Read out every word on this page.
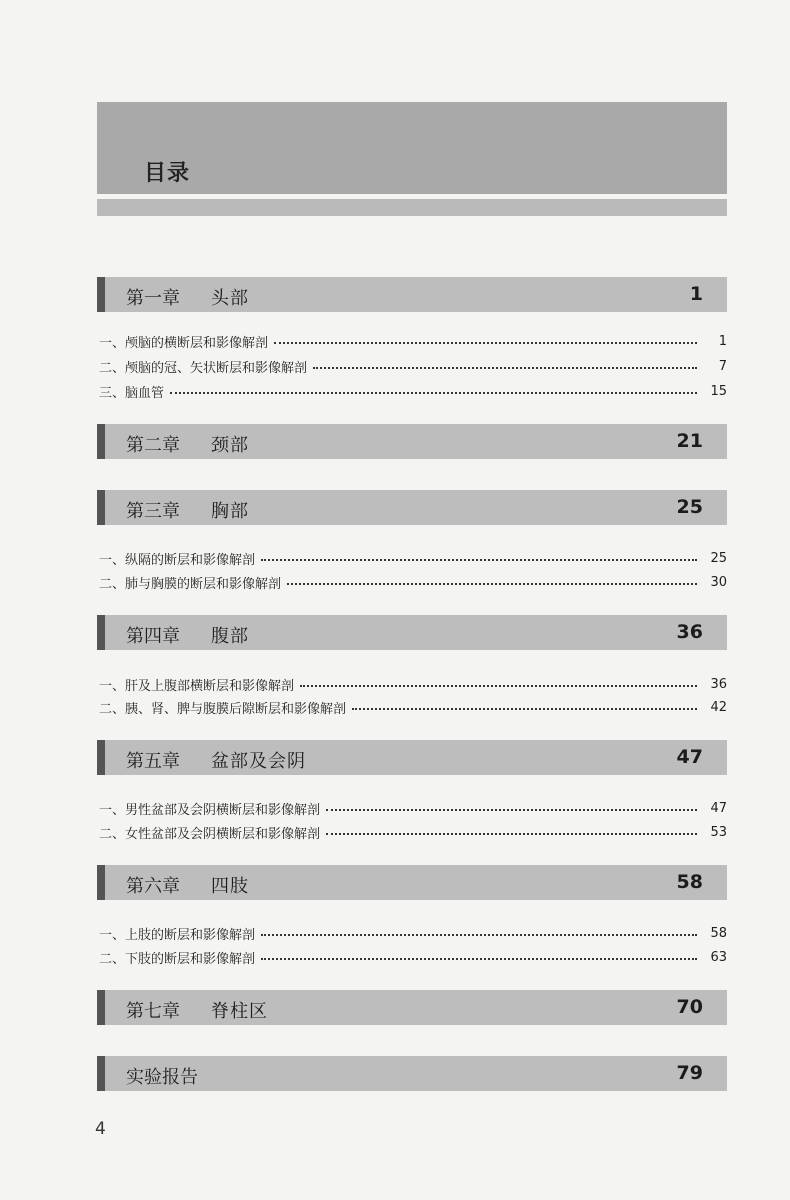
目录
第一章 头部	1
一、颅脑的横断层和影像解剖	1
二、颅脑的冠、矢状断层和影像解剖	7
三、脑血管	15
第二章 颈部	21
第三章 胸部	25
一、纵隔的断层和影像解剖	25
二、肺与胸膜的断层和影像解剖	30
第四章 腹部	36
一、肝及上腹部横断层和影像解剖	36
二、胰、肾、脾与腹膜后隙断层和影像解剖	42
第五章 盆部及会阴	47
一、男性盆部及会阴横断层和影像解剖	47
二、女性盆部及会阴横断层和影像解剖	53
第六章 四肢	58
一、上肢的断层和影像解剖	58
二、下肢的断层和影像解剖	63
第七章 脊柱区	70
实验报告	79
4
